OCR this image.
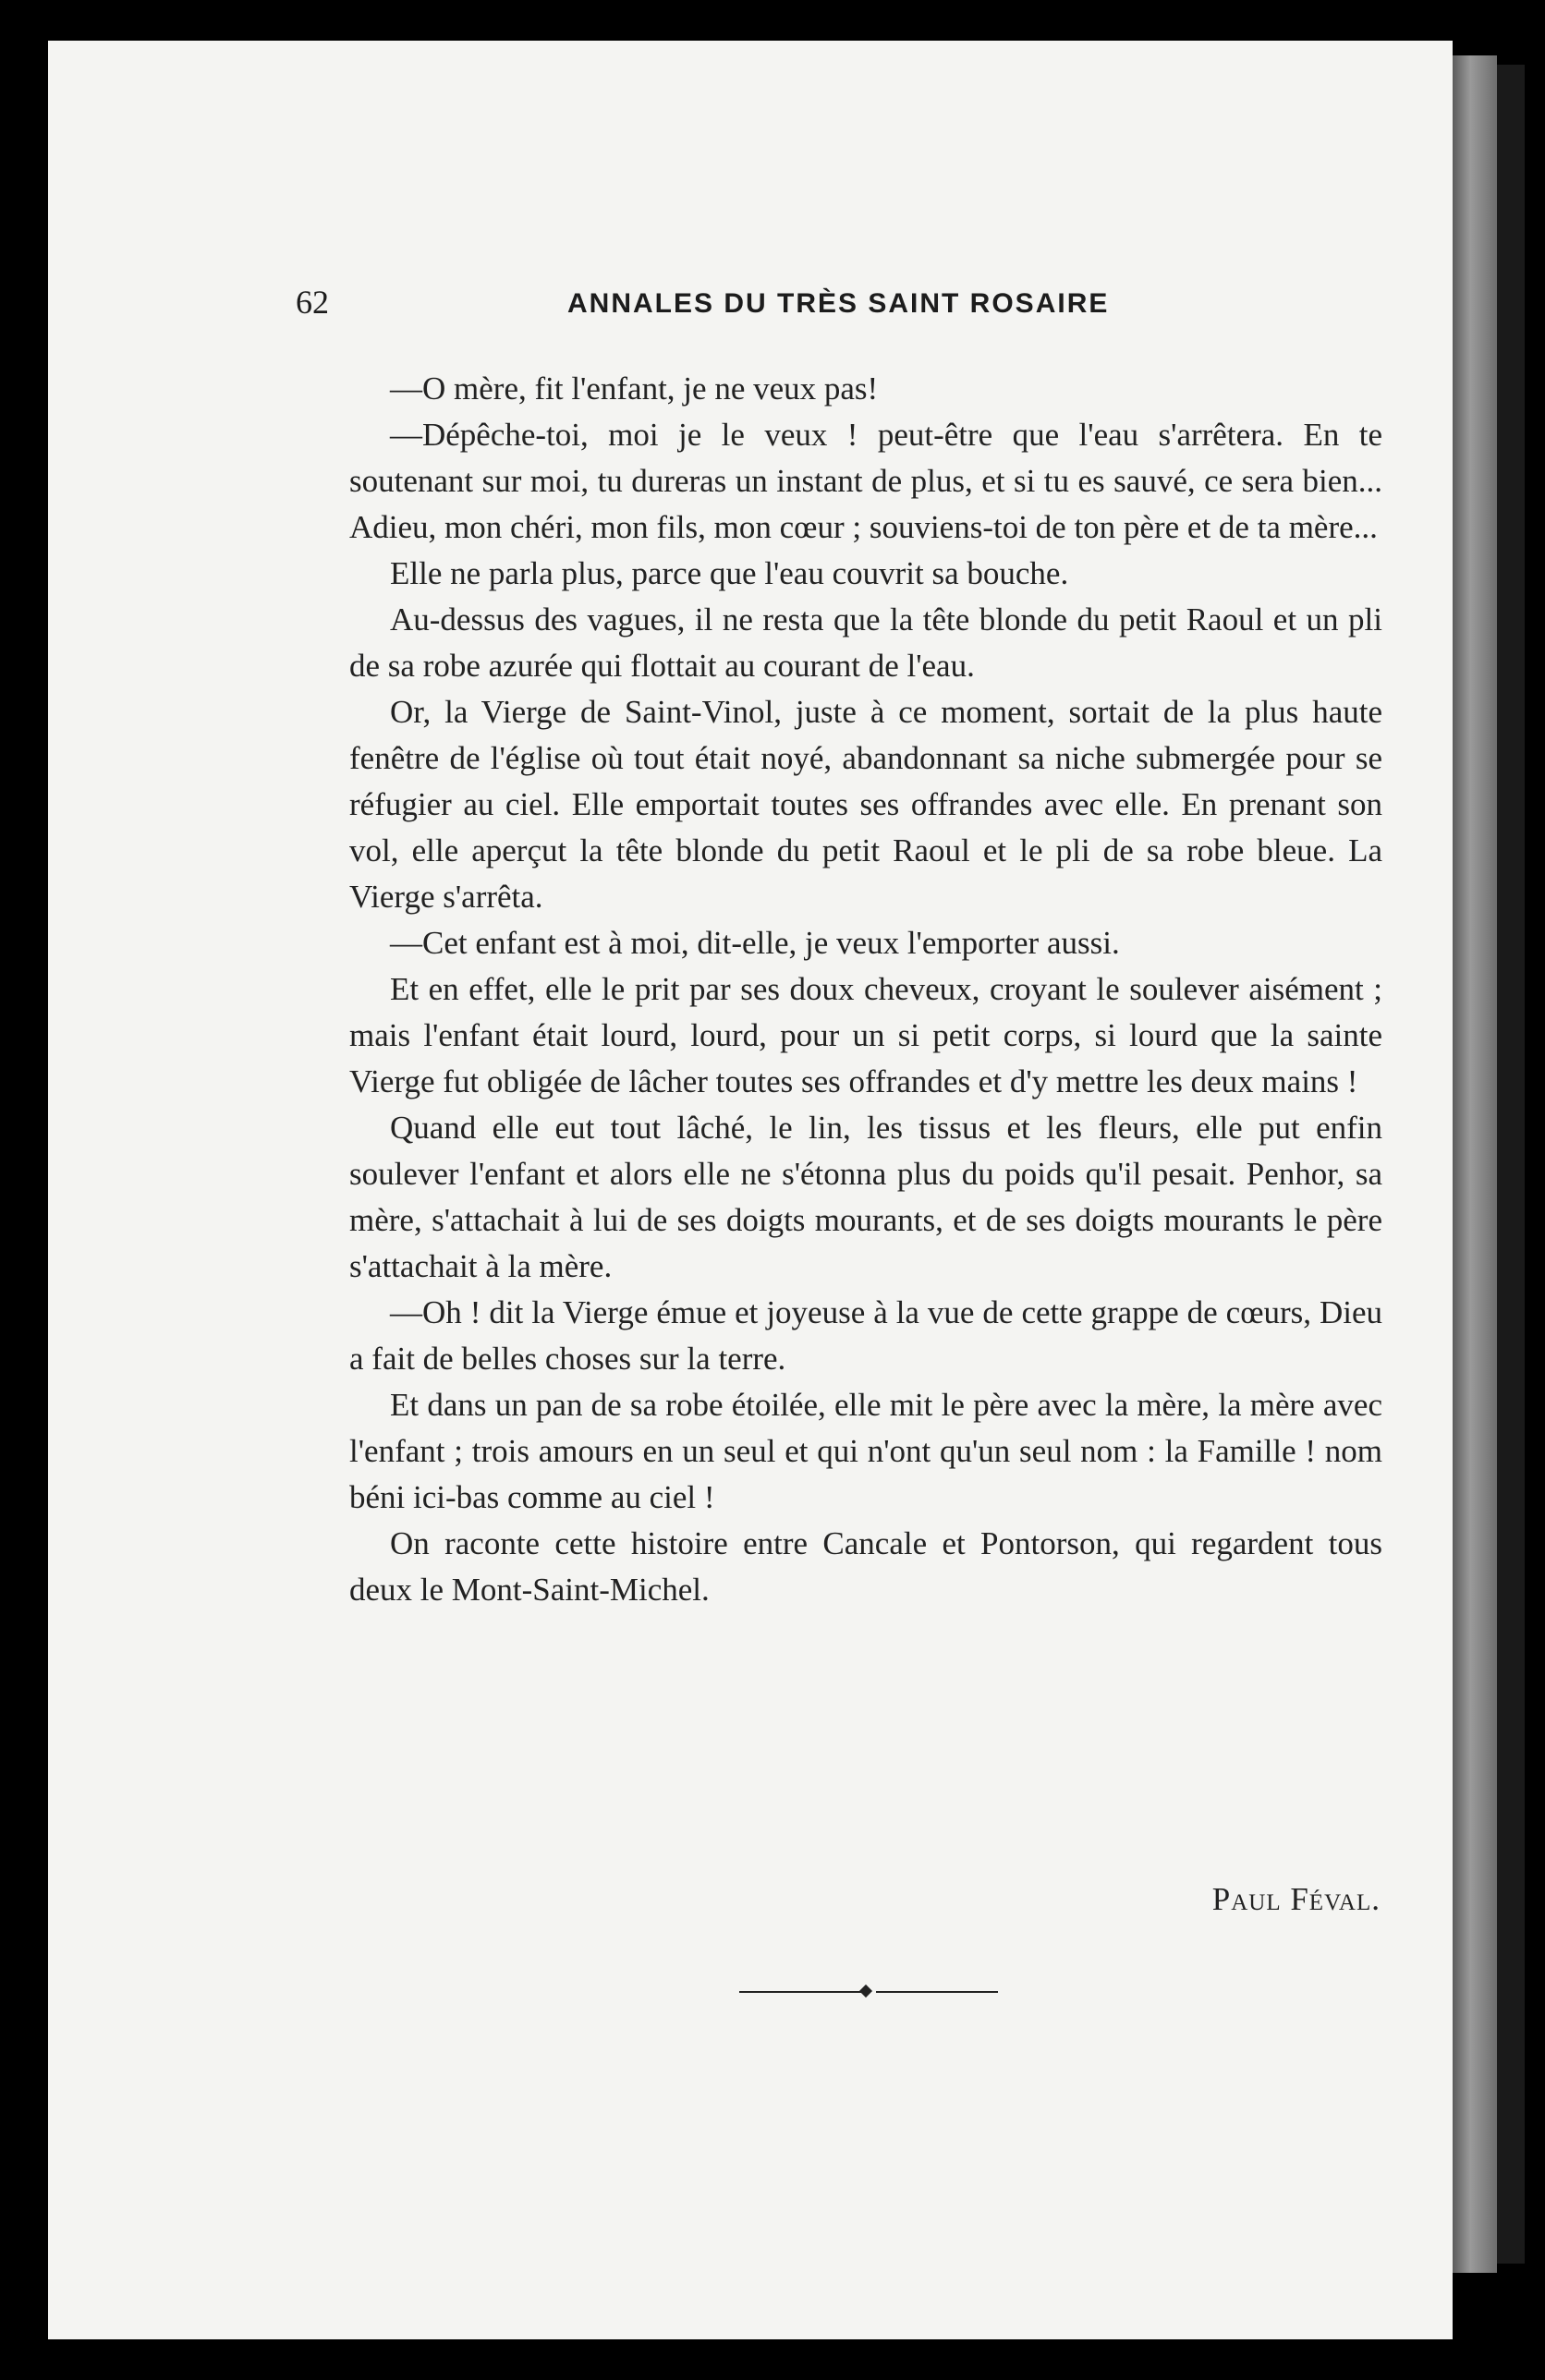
62	ANNALES DU TRÈS SAINT ROSAIRE

—O mère, fit l'enfant, je ne veux pas!

—Dépêche-toi, moi je le veux ! peut-être que l'eau s'arrêtera. En te soutenant sur moi, tu dureras un instant de plus, et si tu es sauvé, ce sera bien... Adieu, mon chéri, mon fils, mon cœur ; souviens-toi de ton père et de ta mère...

Elle ne parla plus, parce que l'eau couvrit sa bouche.

Au-dessus des vagues, il ne resta que la tête blonde du petit Raoul et un pli de sa robe azurée qui flottait au courant de l'eau.

Or, la Vierge de Saint-Vinol, juste à ce moment, sortait de la plus haute fenêtre de l'église où tout était noyé, abandonnant sa niche submergée pour se réfugier au ciel. Elle emportait toutes ses offrandes avec elle. En prenant son vol, elle aperçut la tête blonde du petit Raoul et le pli de sa robe bleue. La Vierge s'arrêta.

—Cet enfant est à moi, dit-elle, je veux l'emporter aussi.

Et en effet, elle le prit par ses doux cheveux, croyant le soulever aisément ; mais l'enfant était lourd, lourd, pour un si petit corps, si lourd que la sainte Vierge fut obligée de lâcher toutes ses offrandes et d'y mettre les deux mains !

Quand elle eut tout lâché, le lin, les tissus et les fleurs, elle put enfin soulever l'enfant et alors elle ne s'étonna plus du poids qu'il pesait. Penhor, sa mère, s'attachait à lui de ses doigts mourants, et de ses doigts mourants le père s'attachait à la mère.

—Oh ! dit la Vierge émue et joyeuse à la vue de cette grappe de cœurs, Dieu a fait de belles choses sur la terre.

Et dans un pan de sa robe étoilée, elle mit le père avec la mère, la mère avec l'enfant ; trois amours en un seul et qui n'ont qu'un seul nom : la Famille ! nom béni ici-bas comme au ciel !

On raconte cette histoire entre Cancale et Pontorson, qui regardent tous deux le Mont-Saint-Michel.

Paul Féval.
